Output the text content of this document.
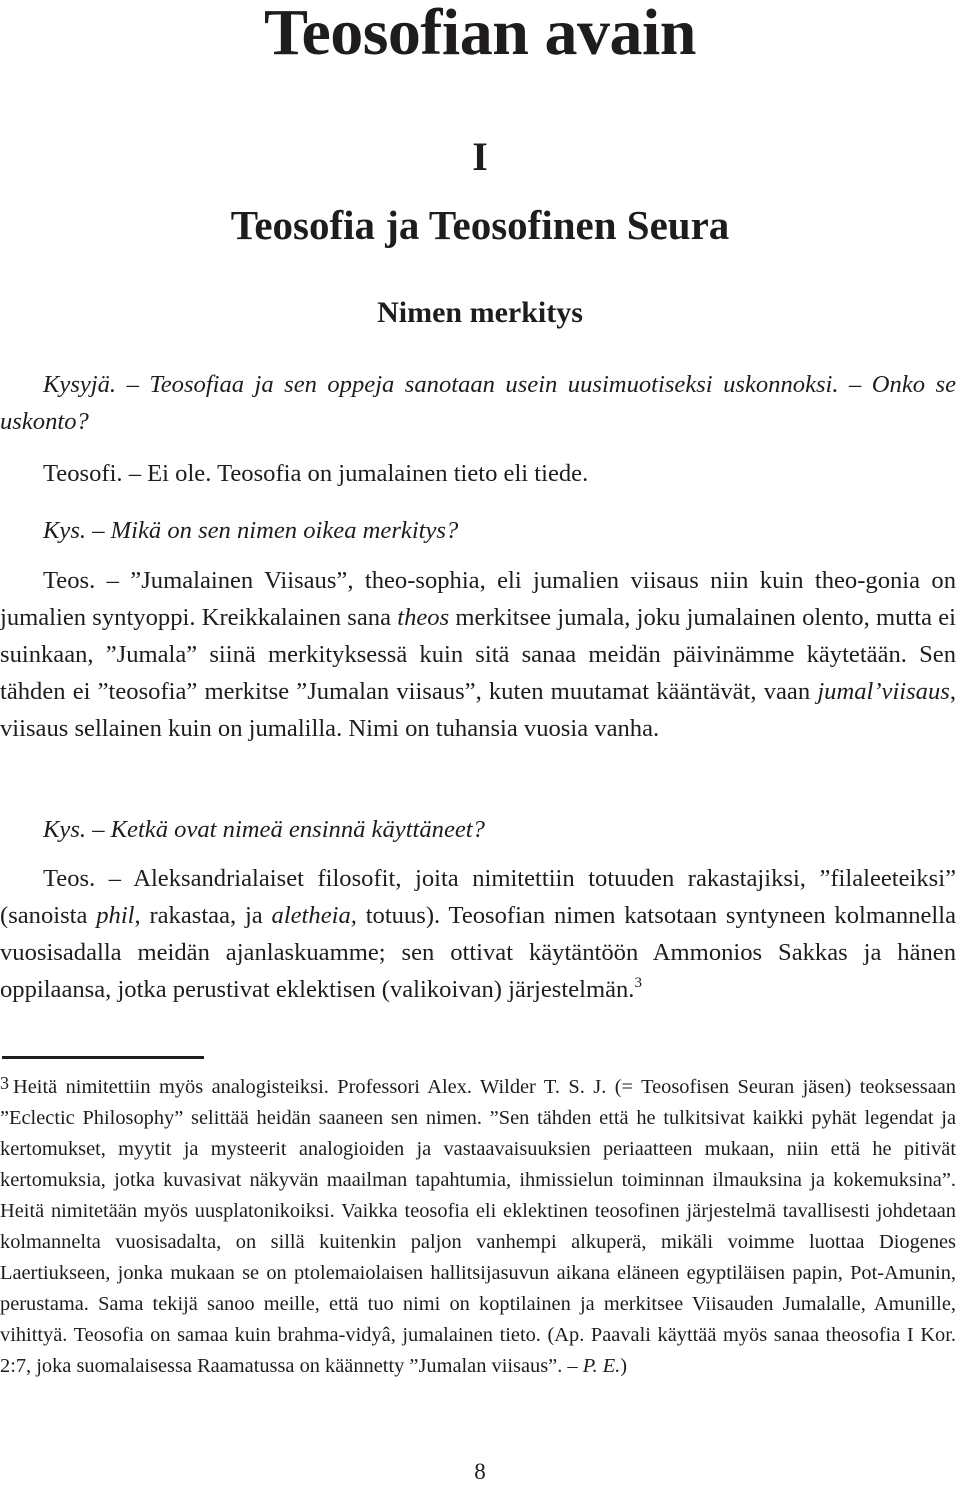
Teosofian avain
I
Teosofia ja Teosofinen Seura
Nimen merkitys

Kysyjä. – Teosofiaa ja sen oppeja sanotaan usein uusimuotiseksi uskonnoksi. – Onko se uskonto?

Teosofi. – Ei ole. Teosofia on jumalainen tieto eli tiede.

Kys. – Mikä on sen nimen oikea merkitys?

Teos. – ”Jumalainen Viisaus”, theo-sophia, eli jumalien viisaus niin kuin theo-gonia on jumalien syntyoppi. Kreikkalainen sana theos merkitsee jumala, joku jumalainen olento, mutta ei suinkaan, ”Jumala” siinä merkityksessä kuin sitä sanaa meidän päivinämme käytetään. Sen tähden ei ”teosofia” merkitse ”Jumalan viisaus”, kuten muutamat kääntävät, vaan jumal’viisaus, viisaus sellainen kuin on jumalilla. Nimi on tuhansia vuosia vanha.

Kys. – Ketkä ovat nimeä ensinnä käyttäneet?

Teos. – Aleksandrialaiset filosofit, joita nimitettiin totuuden rakastajiksi, ”filaleeteiksi” (sanoista phil, rakastaa, ja aletheia, totuus). Teosofian nimen katsotaan syntyneen kolmannella vuosisadalla meidän ajanlaskuamme; sen ottivat käytäntöön Ammonios Sakkas ja hänen oppilaansa, jotka perustivat eklektisen (valikoivan) järjestelmän.$^3$

3 Heitä nimitettiin myös analogisteiksi. Professori Alex. Wilder T. S. J. (= Teosofisen Seuran jäsen) teoksessaan ”Eclectic Philosophy” selittää heidän saaneen sen nimen. ”Sen tähden että he tulkitsivat kaikki pyhät legendat ja kertomukset, myytit ja mysteerit analogioiden ja vastaavaisuuksien periaatteen mukaan, niin että he pitivät kertomuksia, jotka kuvasivat näkyvän maailman tapahtumia, ihmissielun toiminnan ilmauksina ja kokemuksina”. Heitä nimitetään myös uusplatonikoiksi. Vaikka teosofia eli eklektinen teosofinen järjestelmä tavallisesti johdetaan kolmannelta vuosisadalta, on sillä kuitenkin paljon vanhempi alkuperä, mikäli voimme luottaa Diogenes Laertiukseen, jonka mukaan se on ptolemaiolaisen hallitsijasuvun aikana eläneen egyptiläisen papin, Pot-Amunin, perustama. Sama tekijä sanoo meille, että tuo nimi on koptilainen ja merkitsee Viisauden Jumalalle, Amunille, vihittyä. Teosofia on samaa kuin brahma-vidyâ, jumalainen tieto. (Ap. Paavali käyttää myös sanaa theosofia I Kor. 2:7, joka suomalaisessa Raamatussa on käännetty ”Jumalan viisaus”. – P. E.)

8
